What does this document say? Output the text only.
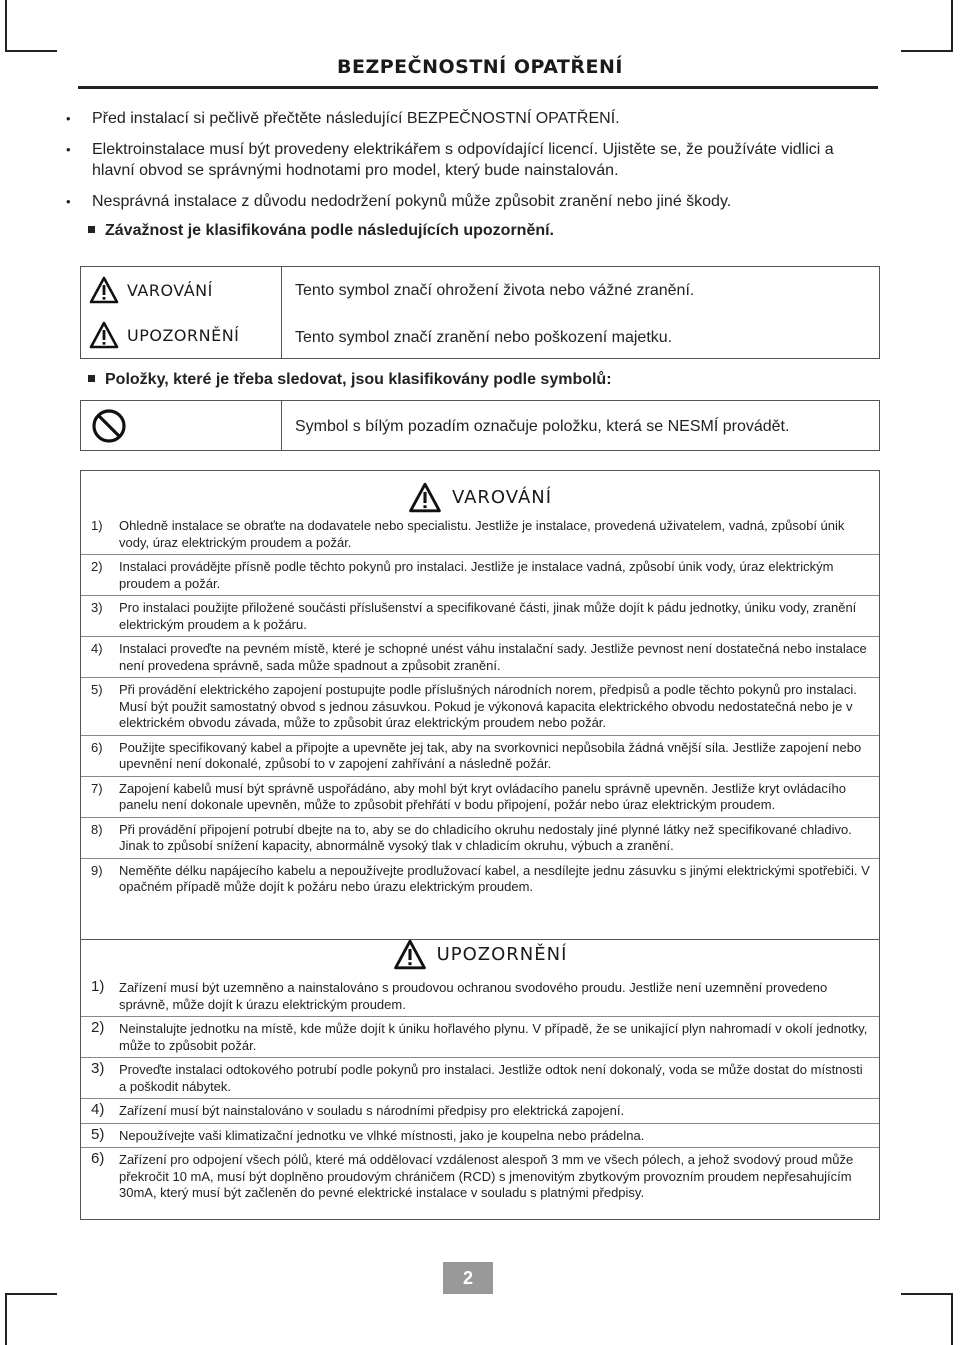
BEZPEČNOSTNÍ OPATŘENÍ
• Před instalací si pečlivě přečtěte následující BEZPEČNOSTNÍ OPATŘENÍ.
• Elektroinstalace musí být provedeny elektrikářem s odpovídající licencí. Ujistěte se, že používáte vidlici a hlavní obvod se správnými hodnotami pro model, který bude nainstalován.
• Nesprávná instalace z důvodu nedodržení pokynů může způsobit zranění nebo jiné škody.
Závažnost je klasifikována podle následujících upozornění.
VAROVÁNÍ	Tento symbol značí ohrožení života nebo vážné zranění.
UPOZORNĚNÍ	Tento symbol značí zranění nebo poškození majetku.
Položky, které je třeba sledovat, jsou klasifikovány podle symbolů:
Symbol s bílým pozadím označuje položku, která se NESMÍ provádět.
VAROVÁNÍ
1) Ohledně instalace se obraťte na dodavatele nebo specialistu. Jestliže je instalace, provedená uživatelem, vadná, způsobí únik vody, úraz elektrickým proudem a požár.
2) Instalaci provádějte přísně podle těchto pokynů pro instalaci. Jestliže je instalace vadná, způsobí únik vody, úraz elektrickým proudem a požár.
3) Pro instalaci použijte přiložené součásti příslušenství a specifikované části, jinak může dojít k pádu jednotky, úniku vody, zranění elektrickým proudem a k požáru.
4) Instalaci proveďte na pevném místě, které je schopné unést váhu instalační sady. Jestliže pevnost není dostatečná nebo instalace není provedena správně, sada může spadnout a způsobit zranění.
5) Při provádění elektrického zapojení postupujte podle příslušných národních norem, předpisů a podle těchto pokynů pro instalaci. Musí být použit samostatný obvod s jednou zásuvkou. Pokud je výkonová kapacita elektrického obvodu nedostatečná nebo je v elektrickém obvodu závada, může to způsobit úraz elektrickým proudem nebo požár.
6) Použijte specifikovaný kabel a připojte a upevněte jej tak, aby na svorkovnici nepůsobila žádná vnější síla. Jestliže zapojení nebo upevnění není dokonalé, způsobí to v zapojení zahřívání a následně požár.
7) Zapojení kabelů musí být správně uspořádáno, aby mohl být kryt ovládacího panelu správně upevněn. Jestliže kryt ovládacího panelu není dokonale upevněn, může to způsobit přehřátí v bodu připojení, požár nebo úraz elektrickým proudem.
8) Při provádění připojení potrubí dbejte na to, aby se do chladicího okruhu nedostaly jiné plynné látky než specifikované chladivo. Jinak to způsobí snížení kapacity, abnormálně vysoký tlak v chladicím okruhu, výbuch a zranění.
9) Neměňte délku napájecího kabelu a nepoužívejte prodlužovací kabel, a nesdílejte jednu zásuvku s jinými elektrickými spotřebiči. V opačném případě může dojít k požáru nebo úrazu elektrickým proudem.
UPOZORNĚNÍ
1) Zařízení musí být uzemněno a nainstalováno s proudovou ochranou svodového proudu. Jestliže není uzemnění provedeno správně, může dojít k úrazu elektrickým proudem.
2) Neinstalujte jednotku na místě, kde může dojít k úniku hořlavého plynu. V případě, že se unikající plyn nahromadí v okolí jednotky, může to způsobit požár.
3) Proveďte instalaci odtokového potrubí podle pokynů pro instalaci. Jestliže odtok není dokonalý, voda se může dostat do místnosti a poškodit nábytek.
4) Zařízení musí být nainstalováno v souladu s národními předpisy pro elektrická zapojení.
5) Nepoužívejte vaši klimatizační jednotku ve vlhké místnosti, jako je koupelna nebo prádelna.
6) Zařízení pro odpojení všech pólů, které má oddělovací vzdálenost alespoň 3 mm ve všech pólech, a jehož svodový proud může překročit 10 mA, musí být doplněno proudovým chráničem (RCD) s jmenovitým zbytkovým provozním proudem nepřesahujícím 30mA, který musí být začleněn do pevné elektrické instalace v souladu s platnými předpisy.
2
